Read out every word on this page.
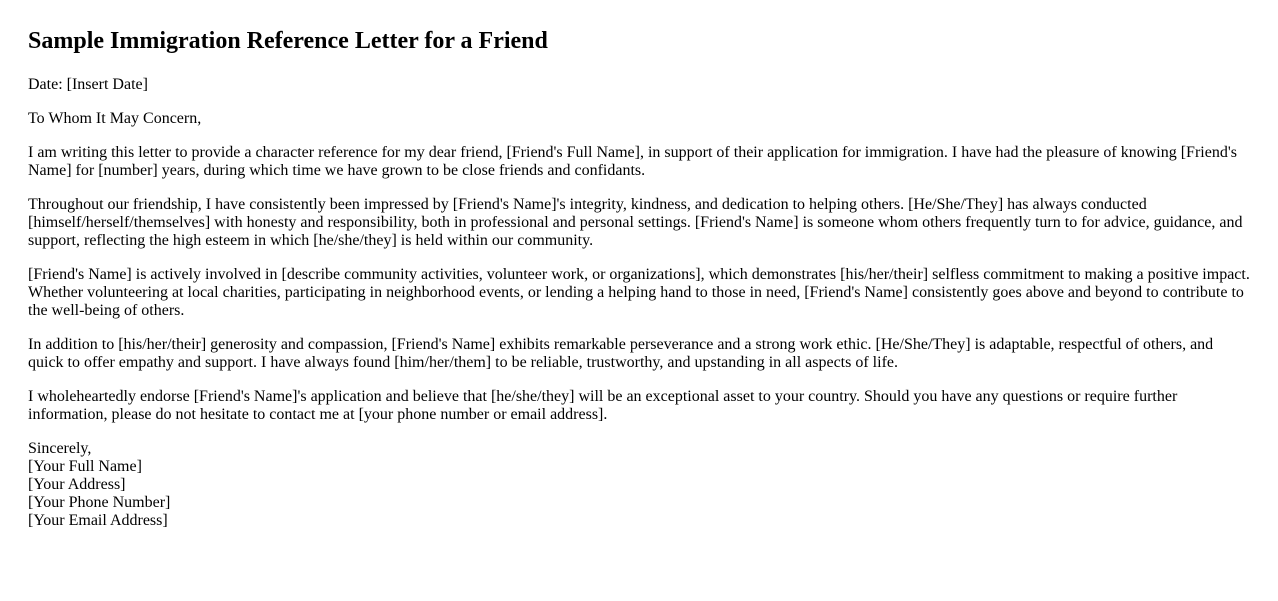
Sample Immigration Reference Letter for a Friend

Date: [Insert Date]

To Whom It May Concern,

I am writing this letter to provide a character reference for my dear friend, [Friend's Full Name], in support of their application for immigration. I have had the pleasure of knowing [Friend's Name] for [number] years, during which time we have grown to be close friends and confidants.

Throughout our friendship, I have consistently been impressed by [Friend's Name]'s integrity, kindness, and dedication to helping others. [He/She/They] has always conducted [himself/herself/themselves] with honesty and responsibility, both in professional and personal settings. [Friend's Name] is someone whom others frequently turn to for advice, guidance, and support, reflecting the high esteem in which [he/she/they] is held within our community.

[Friend's Name] is actively involved in [describe community activities, volunteer work, or organizations], which demonstrates [his/her/their] selfless commitment to making a positive impact. Whether volunteering at local charities, participating in neighborhood events, or lending a helping hand to those in need, [Friend's Name] consistently goes above and beyond to contribute to the well-being of others.

In addition to [his/her/their] generosity and compassion, [Friend's Name] exhibits remarkable perseverance and a strong work ethic. [He/She/They] is adaptable, respectful of others, and quick to offer empathy and support. I have always found [him/her/them] to be reliable, trustworthy, and upstanding in all aspects of life.

I wholeheartedly endorse [Friend's Name]'s application and believe that [he/she/they] will be an exceptional asset to your country. Should you have any questions or require further information, please do not hesitate to contact me at [your phone number or email address].

Sincerely,
[Your Full Name]
[Your Address]
[Your Phone Number]
[Your Email Address]
